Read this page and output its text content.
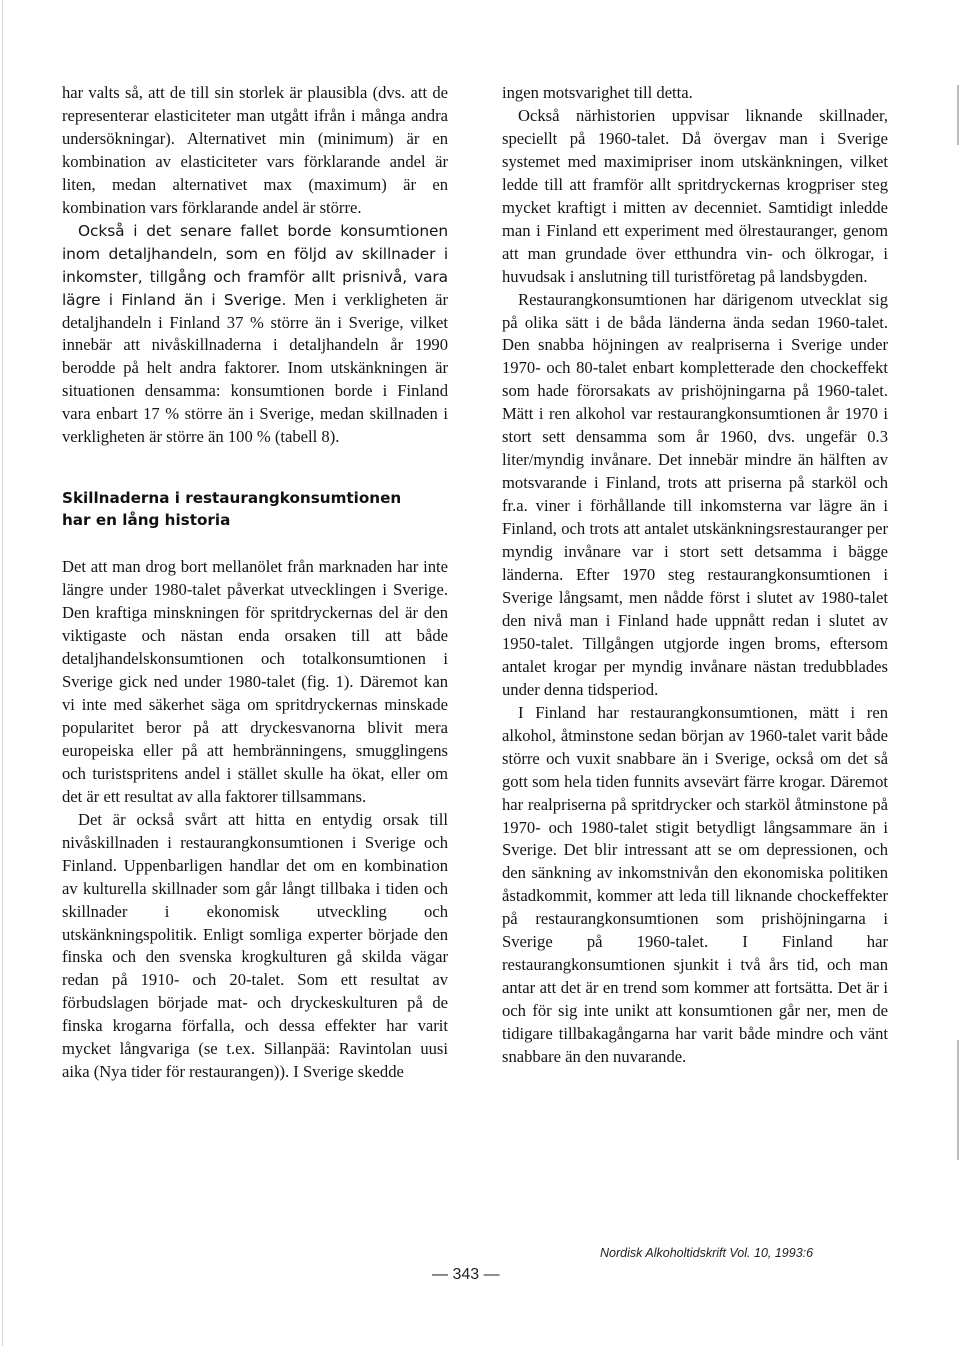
har valts så, att de till sin storlek är plausibla (dvs. att de representerar elasticiteter man utgått ifrån i många andra undersökningar). Alternativet min (minimum) är en kombination av elasticiteter vars förklarande andel är liten, medan alternativet max (maximum) är en kombination vars förklarande andel är större.

Också i det senare fallet borde konsumtionen inom detaljhandeln, som en följd av skillnader i inkomster, tillgång och framför allt prisnivå, vara lägre i Finland än i Sverige. Men i verkligheten är detaljhandeln i Finland 37 % större än i Sverige, vilket innebär att nivåskillnaderna i detaljhandeln år 1990 berodde på helt andra faktorer. Inom utskänkningen är situationen densamma: konsumtionen borde i Finland vara enbart 17 % större än i Sverige, medan skillnaden i verkligheten är större än 100 % (tabell 8).

Skillnaderna i restaurangkonsumtionen
har en lång historia

Det att man drog bort mellanölet från marknaden har inte längre under 1980-talet påverkat utvecklingen i Sverige. Den kraftiga minskningen för spritdryckernas del är den viktigaste och nästan enda orsaken till att både detaljhandelskonsumtionen och totalkonsumtionen i Sverige gick ned under 1980-talet (fig. 1). Däremot kan vi inte med säkerhet säga om spritdryckernas minskade popularitet beror på att dryckesvanorna blivit mera europeiska eller på att hembränningens, smugglingens och turistspritens andel i stället skulle ha ökat, eller om det är ett resultat av alla faktorer tillsammans.

Det är också svårt att hitta en entydig orsak till nivåskillnaden i restaurangkonsumtionen i Sverige och Finland. Uppenbarligen handlar det om en kombination av kulturella skillnader som går långt tillbaka i tiden och skillnader i ekonomisk utveckling och utskänkningspolitik. Enligt somliga experter började den finska och den svenska krogkulturen gå skilda vägar redan på 1910- och 20-talet. Som ett resultat av förbudslagen började mat- och dryckeskulturen på de finska krogarna förfalla, och dessa effekter har varit mycket långvariga (se t.ex. Sillanpää: Ravintolan uusi aika (Nya tider för restaurangen)). I Sverige skedde

ingen motsvarighet till detta.

Också närhistorien uppvisar liknande skillnader, speciellt på 1960-talet. Då övergav man i Sverige systemet med maximipriser inom utskänkningen, vilket ledde till att framför allt spritdryckernas krogpriser steg mycket kraftigt i mitten av decenniet. Samtidigt inledde man i Finland ett experiment med ölrestauranger, genom att man grundade över etthundra vin- och ölkrogar, i huvudsak i anslutning till turistföretag på landsbygden.

Restaurangkonsumtionen har därigenom utvecklat sig på olika sätt i de båda länderna ända sedan 1960-talet. Den snabba höjningen av realpriserna i Sverige under 1970- och 80-talet enbart kompletterade den chockeffekt som hade förorsakats av prishöjningarna på 1960-talet. Mätt i ren alkohol var restaurangkonsumtionen år 1970 i stort sett densamma som år 1960, dvs. ungefär 0.3 liter/myndig invånare. Det innebär mindre än hälften av motsvarande i Finland, trots att priserna på starköl och fr.a. viner i förhållande till inkomsterna var lägre än i Finland, och trots att antalet utskänkningsrestauranger per myndig invånare var i stort sett detsamma i bägge länderna. Efter 1970 steg restaurangkonsumtionen i Sverige långsamt, men nådde först i slutet av 1980-talet den nivå man i Finland hade uppnått redan i slutet av 1950-talet. Tillgången utgjorde ingen broms, eftersom antalet krogar per myndig invånare nästan tredubblades under denna tidsperiod.

I Finland har restaurangkonsumtionen, mätt i ren alkohol, åtminstone sedan början av 1960-talet varit både större och vuxit snabbare än i Sverige, också om det så gott som hela tiden funnits avsevärt färre krogar. Däremot har realpriserna på spritdrycker och starköl åtminstone på 1970- och 1980-talet stigit betydligt långsammare än i Sverige. Det blir intressant att se om depressionen, och den sänkning av inkomstnivån den ekonomiska politiken åstadkommit, kommer att leda till liknande chockeffekter på restaurangkonsumtionen som prishöjningarna i Sverige på 1960-talet. I Finland har restaurangkonsumtionen sjunkit i två års tid, och man antar att det är en trend som kommer att fortsätta. Det är i och för sig inte unikt att konsumtionen går ner, men de tidigare tillbakagångarna har varit både mindre och vänt snabbare än den nuvarande.

Nordisk Alkoholtidskrift Vol. 10, 1993:6
— 343 —
